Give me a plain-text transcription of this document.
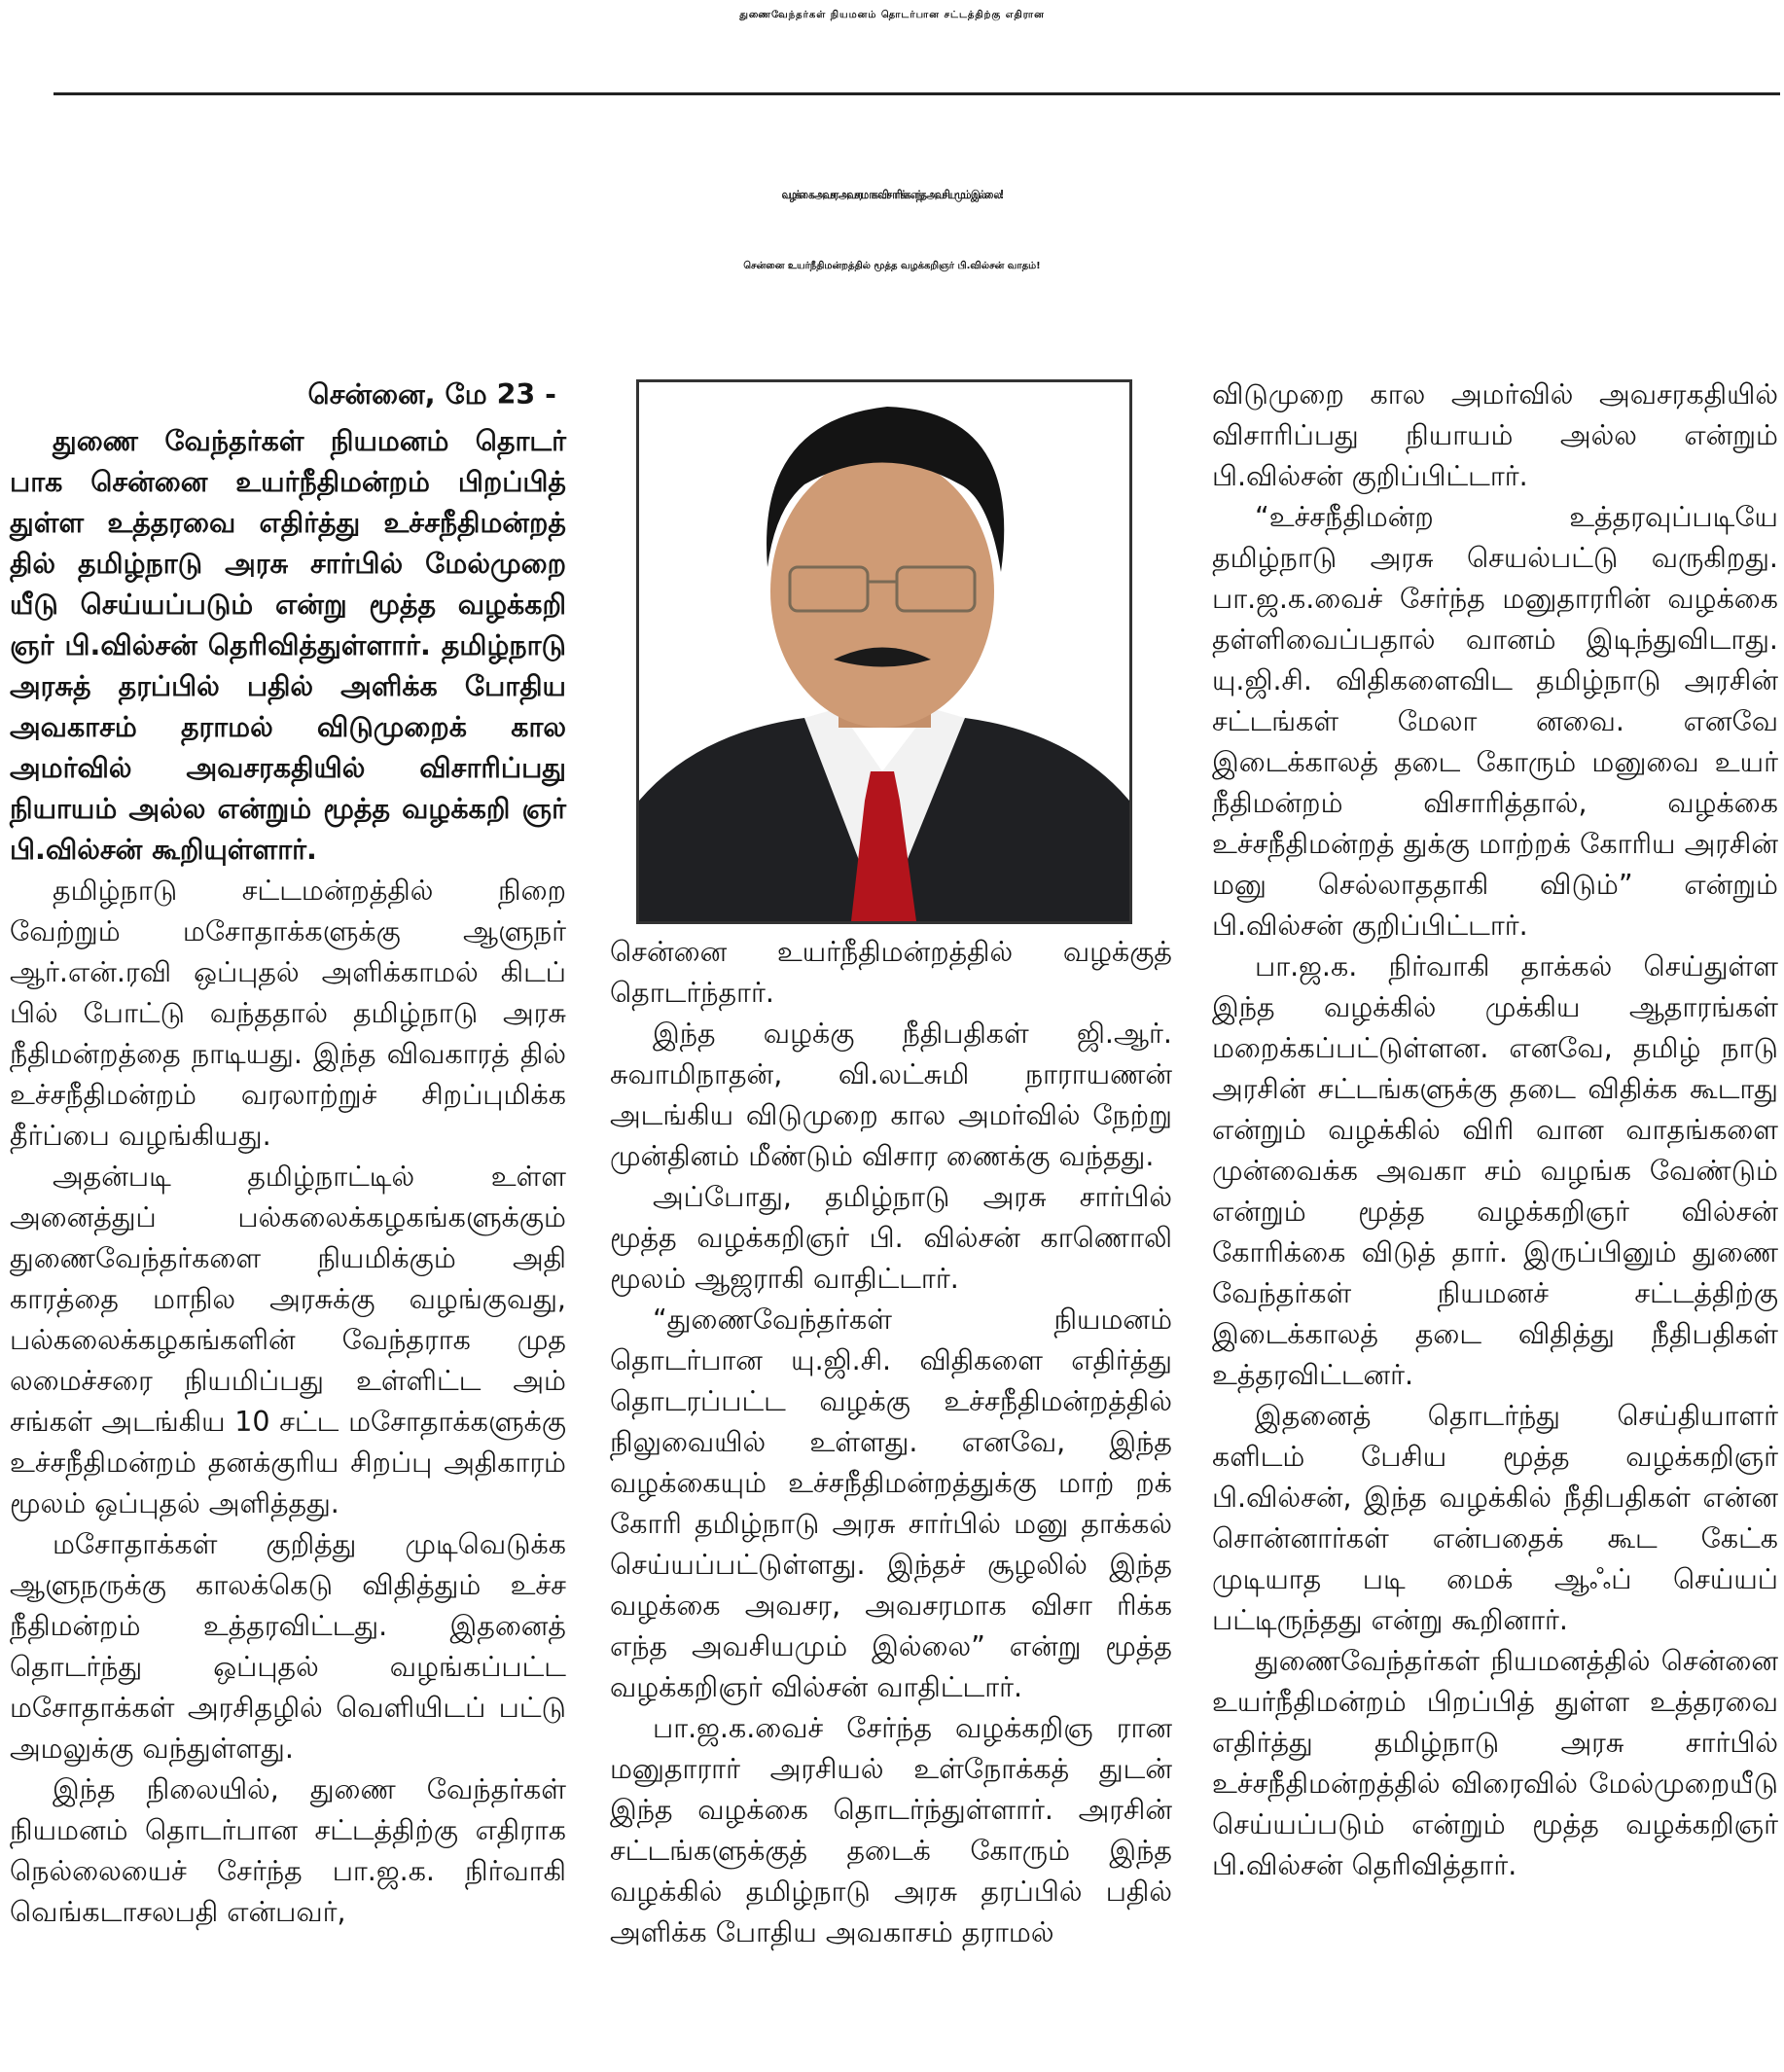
துணைவேந்தர்கள் நியமனம் தொடர்பான சட்டத்திற்கு எதிரான
வழக்கை அவசர அவசரமாக விசாரிக்க எந்த அவசியமும் இல்லை!
சென்னை உயர்நீதிமன்றத்தில் மூத்த வழக்கறிஞர் பி.வில்சன் வாதம்!
சென்னை, மே 23 -

துணை வேந்தர்கள் நியமனம் தொடர் பாக சென்னை உயர்நீதிமன்றம் பிறப்பித் துள்ள உத்தரவை எதிர்த்து உச்சநீதிமன்றத் தில் தமிழ்நாடு அரசு சார்பில் மேல்முறை யீடு செய்யப்படும் என்று மூத்த வழக்கறி ஞர் பி.வில்சன் தெரிவித்துள்ளார். தமிழ்நாடு அரசுத் தரப்பில் பதில் அளிக்க போதிய அவகாசம் தராமல் விடுமுறைக் கால அமர்வில் அவசரகதியில் விசாரிப்பது நியாயம் அல்ல என்றும் மூத்த வழக்கறி ஞர் பி.வில்சன் கூறியுள்ளார்.

தமிழ்நாடு சட்டமன்றத்தில் நிறை வேற்றும் மசோதாக்களுக்கு ஆளுநர் ஆர்.என்.ரவி ஒப்புதல் அளிக்காமல் கிடப் பில் போட்டு வந்ததால் தமிழ்நாடு அரசு நீதிமன்றத்தை நாடியது. இந்த விவகாரத் தில் உச்சநீதிமன்றம் வரலாற்றுச் சிறப்புமிக்க தீர்ப்பை வழங்கியது.

அதன்படி தமிழ்நாட்டில் உள்ள அனைத்துப் பல்கலைக்கழகங்களுக்கும் துணைவேந்தர்களை நியமிக்கும் அதி காரத்தை மாநில அரசுக்கு வழங்குவது, பல்கலைக்கழகங்களின் வேந்தராக முத லமைச்சரை நியமிப்பது உள்ளிட்ட அம் சங்கள் அடங்கிய 10 சட்ட மசோதாக்களுக்கு உச்சநீதிமன்றம் தனக்குரிய சிறப்பு அதிகாரம் மூலம் ஒப்புதல் அளித்தது.

மசோதாக்கள் குறித்து முடிவெடுக்க ஆளுநருக்கு காலக்கெடு விதித்தும் உச்ச நீதிமன்றம் உத்தரவிட்டது. இதனைத் தொடர்ந்து ஒப்புதல் வழங்கப்பட்ட மசோதாக்கள் அரசிதழில் வெளியிடப் பட்டு அமலுக்கு வந்துள்ளது.

இந்த நிலையில், துணை வேந்தர்கள் நியமனம் தொடர்பான சட்டத்திற்கு எதிராக நெல்லையைச் சேர்ந்த பா.ஜ.க. நிர்வாகி வெங்கடாசலபதி என்பவர்,

சென்னை உயர்நீதிமன்றத்தில் வழக்குத் தொடர்ந்தார்.

இந்த வழக்கு நீதிபதிகள் ஜி.ஆர். சுவாமிநாதன், வி.லட்சுமி நாராயணன் அடங்கிய விடுமுறை கால அமர்வில் நேற்று முன்தினம் மீண்டும் விசார ணைக்கு வந்தது.

அப்போது, தமிழ்நாடு அரசு சார்பில் மூத்த வழக்கறிஞர் பி. வில்சன் காணொலி மூலம் ஆஜராகி வாதிட்டார்.

“துணைவேந்தர்கள் நியமனம் தொடர்பான யு.ஜி.சி. விதிகளை எதிர்த்து தொடரப்பட்ட வழக்கு உச்சநீதிமன்றத்தில் நிலுவையில் உள்ளது. எனவே, இந்த வழக்கையும் உச்சநீதிமன்றத்துக்கு மாற் றக் கோரி தமிழ்நாடு அரசு சார்பில் மனு தாக்கல் செய்யப்பட்டுள்ளது. இந்தச் சூழலில் இந்த வழக்கை அவசர, அவசரமாக விசா ரிக்க எந்த அவசியமும் இல்லை” என்று மூத்த வழக்கறிஞர் வில்சன் வாதிட்டார்.

பா.ஜ.க.வைச் சேர்ந்த வழக்கறிஞ ரான மனுதாரார் அரசியல் உள்நோக்கத் துடன் இந்த வழக்கை தொடர்ந்துள்ளார். அரசின் சட்டங்களுக்குத் தடைக் கோரும் இந்த வழக்கில் தமிழ்நாடு அரசு தரப்பில் பதில் அளிக்க போதிய அவகாசம் தராமல்

விடுமுறை கால அமர்வில் அவசரகதியில் விசாரிப்பது நியாயம் அல்ல என்றும் பி.வில்சன் குறிப்பிட்டார்.

“உச்சநீதிமன்ற உத்தரவுப்படியே தமிழ்நாடு அரசு செயல்பட்டு வருகிறது. பா.ஜ.க.வைச் சேர்ந்த மனுதாரரின் வழக்கை தள்ளிவைப்பதால் வானம் இடிந்துவிடாது. யு.ஜி.சி. விதிகளைவிட தமிழ்நாடு அரசின் சட்டங்கள் மேலா னவை. எனவே இடைக்காலத் தடை கோரும் மனுவை உயர் நீதிமன்றம் விசாரித்தால், வழக்கை உச்சநீதிமன்றத் துக்கு மாற்றக் கோரிய அரசின் மனு செல்லாததாகி விடும்” என்றும் பி.வில்சன் குறிப்பிட்டார்.

பா.ஜ.க. நிர்வாகி தாக்கல் செய்துள்ள இந்த வழக்கில் முக்கிய ஆதாரங்கள் மறைக்கப்பட்டுள்ளன. எனவே, தமிழ் நாடு அரசின் சட்டங்களுக்கு தடை விதிக்க கூடாது என்றும் வழக்கில் விரி வான வாதங்களை முன்வைக்க அவகா சம் வழங்க வேண்டும் என்றும் மூத்த வழக்கறிஞர் வில்சன் கோரிக்கை விடுத் தார். இருப்பினும் துணை வேந்தர்கள் நியமனச் சட்டத்திற்கு இடைக்காலத் தடை விதித்து நீதிபதிகள் உத்தரவிட்டனர்.

இதனைத் தொடர்ந்து செய்தியாளர் களிடம் பேசிய மூத்த வழக்கறிஞர் பி.வில்சன், இந்த வழக்கில் நீதிபதிகள் என்ன சொன்னார்கள் என்பதைக் கூட கேட்க முடியாத படி மைக் ஆஃப் செய்யப் பட்டிருந்தது என்று கூறினார்.

துணைவேந்தர்கள் நியமனத்தில் சென்னை உயர்நீதிமன்றம் பிறப்பித் துள்ள உத்தரவை எதிர்த்து தமிழ்நாடு அரசு சார்பில் உச்சநீதிமன்றத்தில் விரைவில் மேல்முறையீடு செய்யப்படும் என்றும் மூத்த வழக்கறிஞர் பி.வில்சன் தெரிவித்தார்.
